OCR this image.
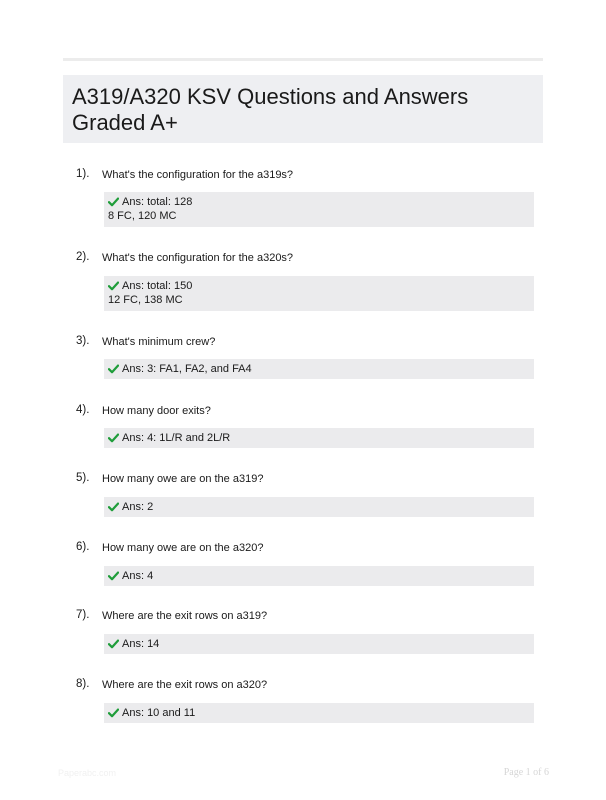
A319/A320 KSV Questions and Answers Graded A+
1). What's the configuration for the a319s?
Ans: total: 128
8 FC, 120 MC
2). What's the configuration for the a320s?
Ans: total: 150
12 FC, 138 MC
3). What's minimum crew?
Ans: 3: FA1, FA2, and FA4
4). How many door exits?
Ans: 4: 1L/R and 2L/R
5). How many owe are on the a319?
Ans: 2
6). How many owe are on the a320?
Ans: 4
7). Where are the exit rows on a319?
Ans: 14
8). Where are the exit rows on a320?
Ans: 10 and 11
Paperabc.com	Page 1 of 6
